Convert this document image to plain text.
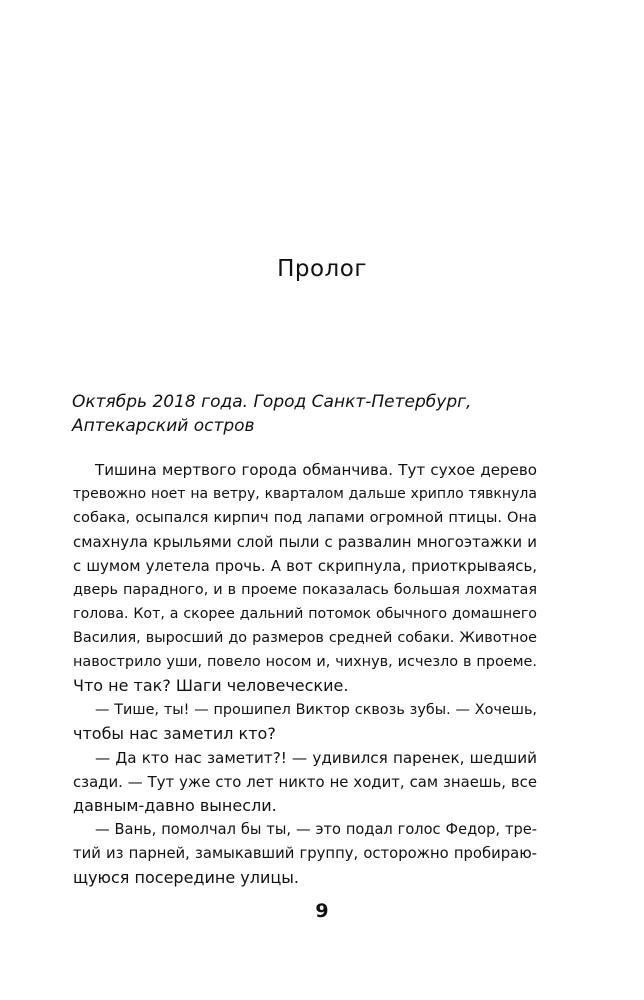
Пролог
Октябрь 2018 года. Город Санкт-Петербург,
Аптекарский остров
Тишина мертвого города обманчива. Тут сухое дерево
тревожно ноет на ветру, кварталом дальше хрипло тявкнула
собака, осыпался кирпич под лапами огромной птицы. Она
смахнула крыльями слой пыли с развалин многоэтажки и
с шумом улетела прочь. А вот скрипнула, приоткрываясь,
дверь парадного, и в проеме показалась большая лохматая
голова. Кот, а скорее дальний потомок обычного домашнего
Василия, выросший до размеров средней собаки. Животное
навострило уши, повело носом и, чихнув, исчезло в проеме.
Что не так? Шаги человеческие.
— Тише, ты! — прошипел Виктор сквозь зубы. — Хочешь,
чтобы нас заметил кто?
— Да кто нас заметит?! — удивился паренек, шедший
сзади. — Тут уже сто лет никто не ходит, сам знаешь, все
давным-давно вынесли.
— Вань, помолчал бы ты, — это подал голос Федор, тре-
тий из парней, замыкавший группу, осторожно пробираю-
щуюся посередине улицы.
9
